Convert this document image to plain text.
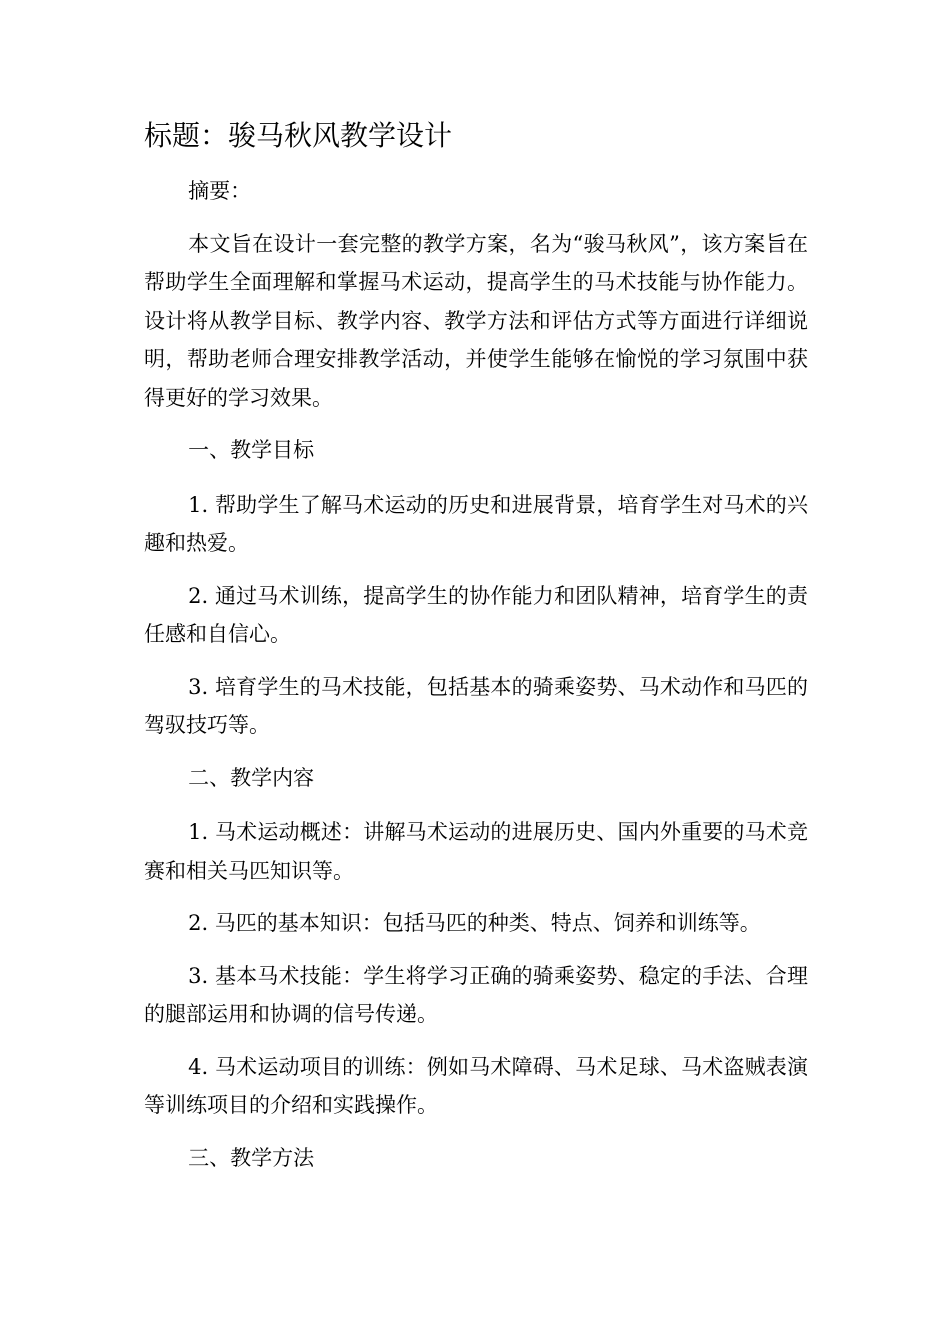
标题：骏马秋风教学设计

摘要：

本文旨在设计一套完整的教学方案，名为“骏马秋风”，该方案旨在帮助学生全面理解和掌握马术运动，提高学生的马术技能与协作能力。设计将从教学目标、教学内容、教学方法和评估方式等方面进行详细说明，帮助老师合理安排教学活动，并使学生能够在愉悦的学习氛围中获得更好的学习效果。

一、教学目标

1. 帮助学生了解马术运动的历史和进展背景，培育学生对马术的兴趣和热爱。

2. 通过马术训练，提高学生的协作能力和团队精神，培育学生的责任感和自信心。

3. 培育学生的马术技能，包括基本的骑乘姿势、马术动作和马匹的驾驭技巧等。

二、教学内容

1. 马术运动概述：讲解马术运动的进展历史、国内外重要的马术竞赛和相关马匹知识等。

2. 马匹的基本知识：包括马匹的种类、特点、饲养和训练等。

3. 基本马术技能：学生将学习正确的骑乘姿势、稳定的手法、合理的腿部运用和协调的信号传递。

4. 马术运动项目的训练：例如马术障碍、马术足球、马术盗贼表演等训练项目的介绍和实践操作。

三、教学方法
